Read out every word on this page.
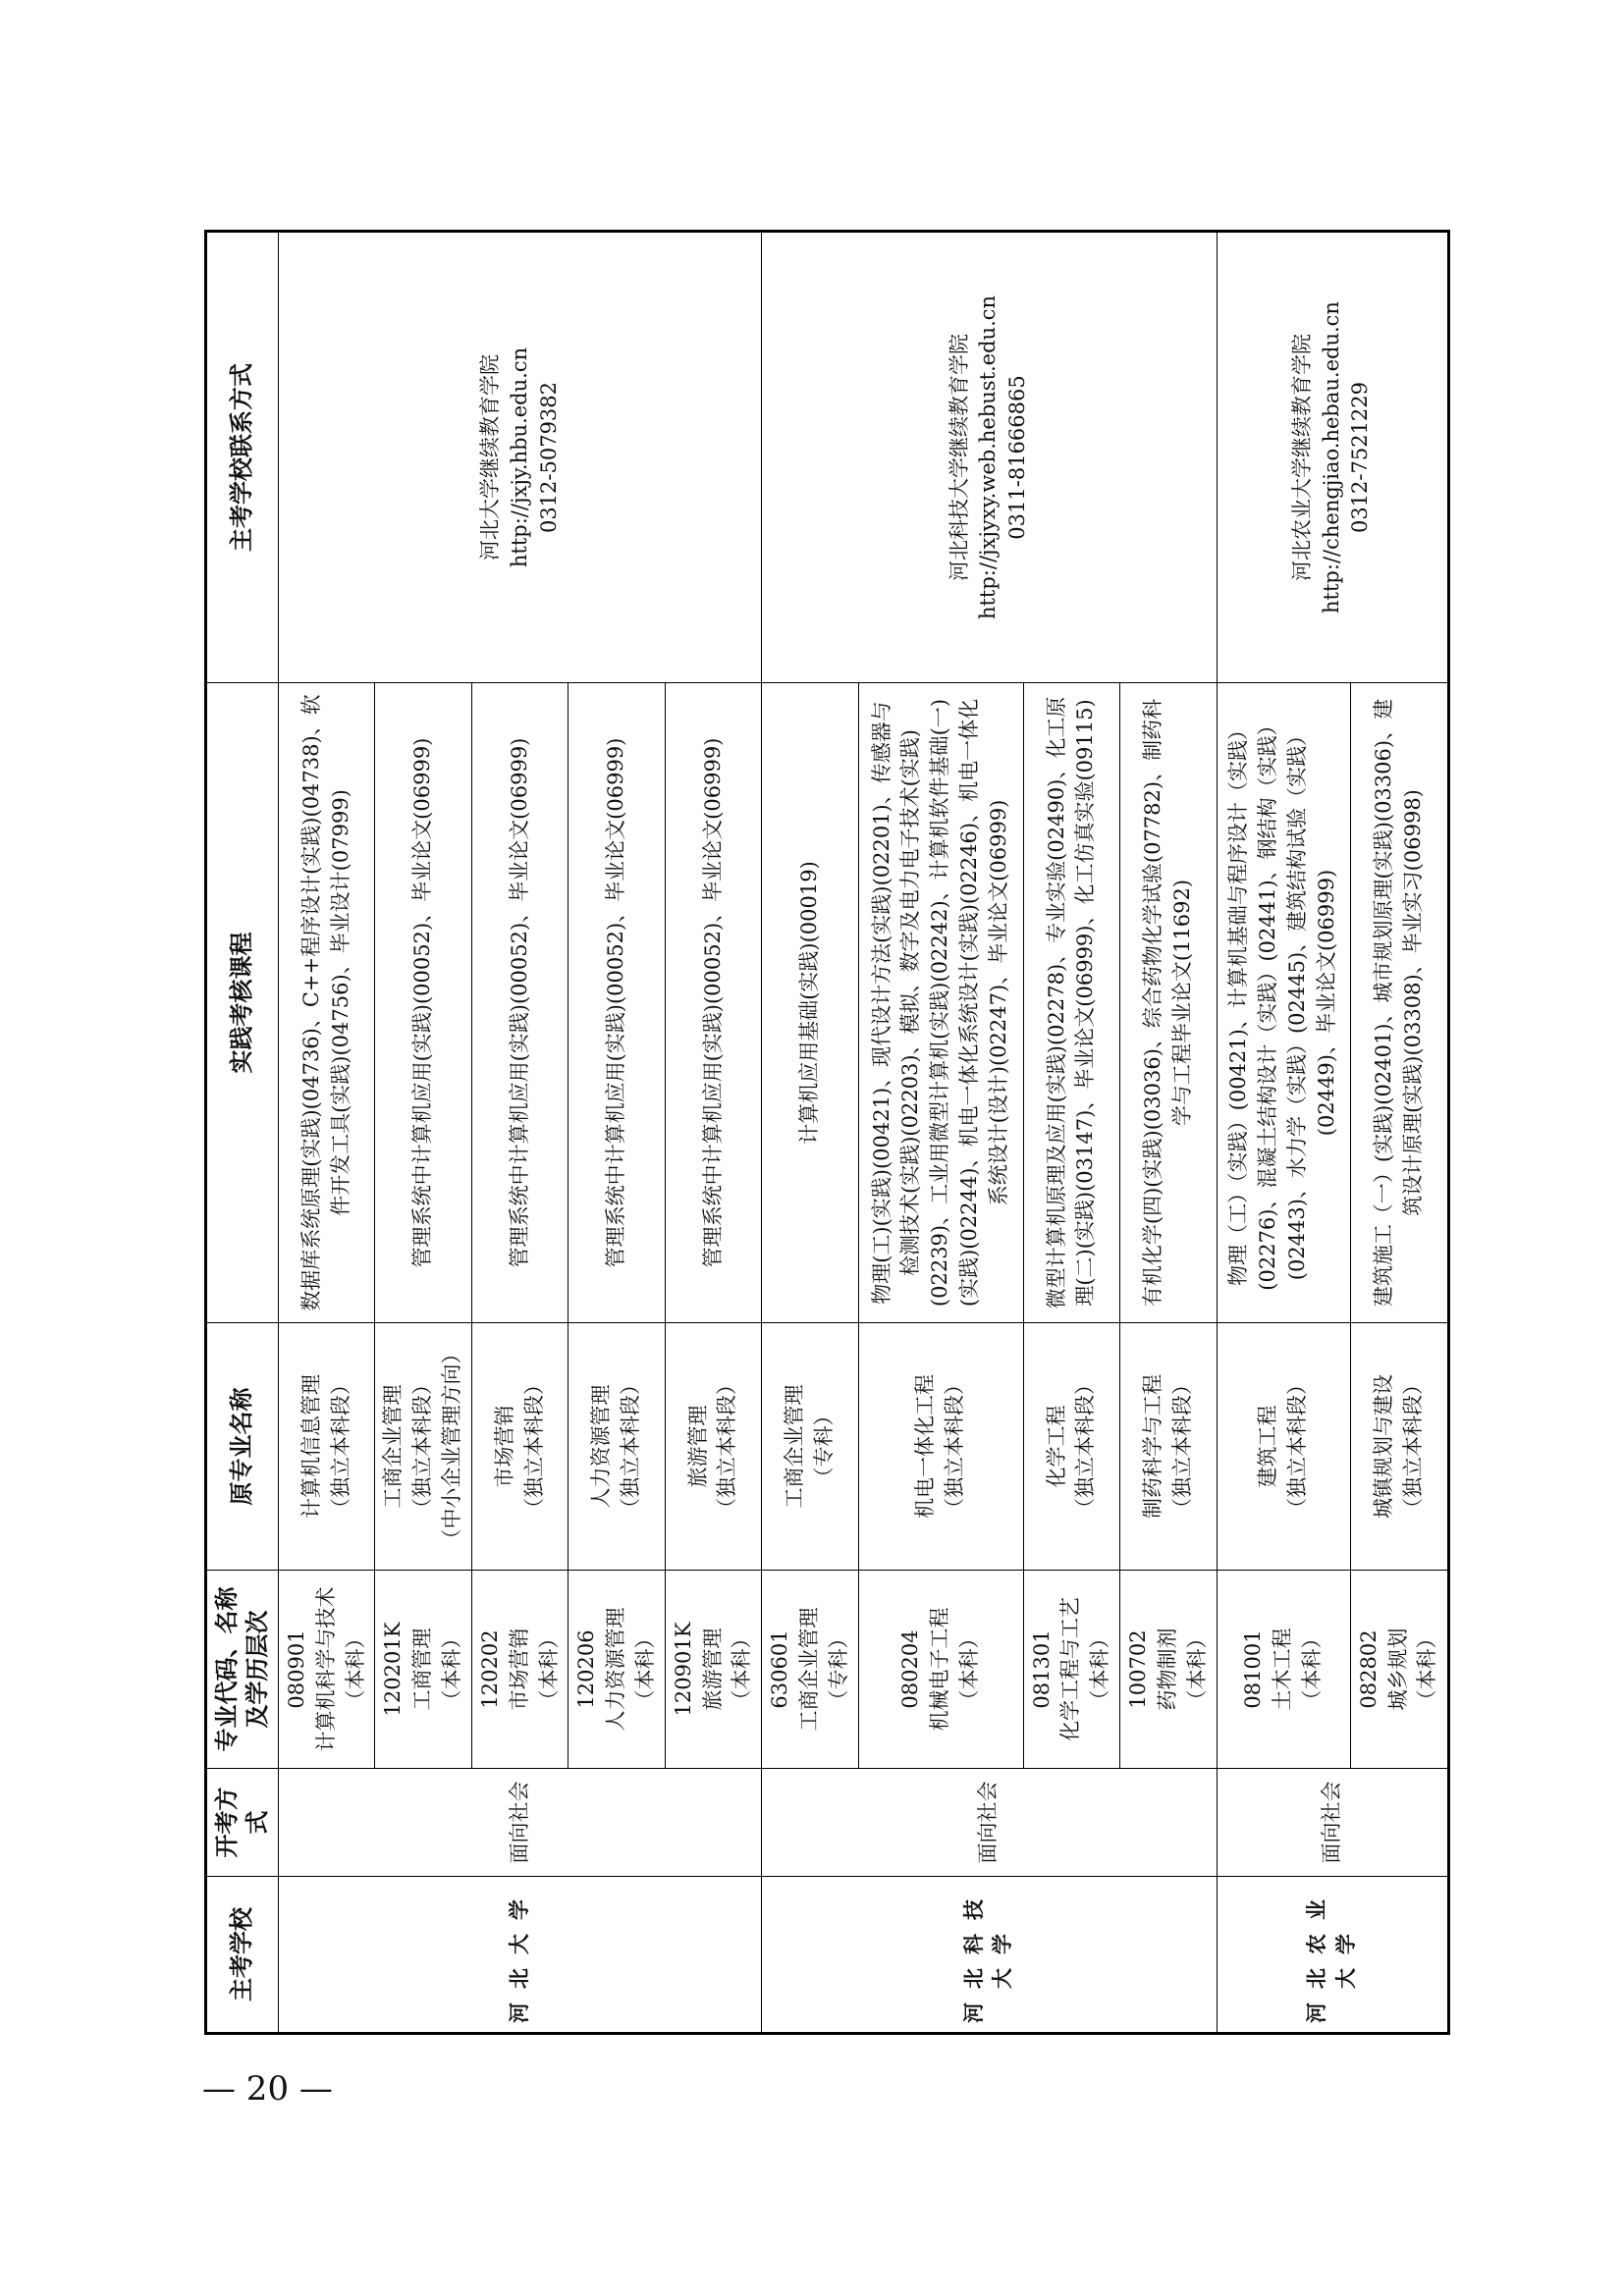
主考学校	开考方式	专业代码、名称及学历层次	原专业名称	实践考核课程	主考学校联系方式
河北大学	面向社会	080901 计算机科学与技术 （本科）	计算机信息管理 （独立本科段）	数据库系统原理(实践)(04736)、C++程序设计(实践)(04738)、软件开发工具(实践)(04756)、毕业设计(07999)	河北大学继续教育学院 http://jxjy.hbu.edu.cn 0312-5079382

		120201K 工商管理 （本科）	工商企业管理 （独立本科段） （中小企业管理方向）	管理系统中计算机应用(实践)(00052)、毕业论文(06999)	

		120202 市场营销 （本科）	市场营销 （独立本科段）	管理系统中计算机应用(实践)(00052)、毕业论文(06999)	

		120206 人力资源管理 （本科）	人力资源管理 （独立本科段）	管理系统中计算机应用(实践)(00052)、毕业论文(06999)	

		120901K 旅游管理 （本科）	旅游管理 （独立本科段）	管理系统中计算机应用(实践)(00052)、毕业论文(06999)	
河北科技大学	面向社会	630601 工商企业管理 （专科）	工商企业管理 （专科）	计算机应用基础(实践)(00019)	河北科技大学继续教育学院 http://jxjyxy.web.hebust.edu.cn 0311-81666865

		080204 机械电子工程 （本科）	机电一体化工程 （独立本科段）	物理(工)(实践)(00421)、现代设计方法(实践)(02201)、传感器与检测技术(实践)(02203)、模拟、数字及电力电子技术(实践)(02239)、工业用微型计算机(实践)(02242)、计算机软件基础(一)(实践)(02244)、机电一体化系统设计(实践)(02246)、机电一体化系统设计(设计)(02247)、毕业论文(06999)	

		081301 化学工程与工艺 （本科）	化学工程 （独立本科段）	微型计算机原理及应用(实践)(02278)、专业实验(02490)、化工原理(二)(实践)(03147)、毕业论文(06999)、化工仿真实验(09115)	

		100702 药物制剂 （本科）	制药科学与工程 （独立本科段）	有机化学(四)(实践)(03036)、综合药物化学试验(07782)、制药科学与工程毕业论文(11692)	
河北农业大学	面向社会	081001 土木工程 （本科）	建筑工程 （独立本科段）	物理（工）（实践）(00421)、计算机基础与程序设计（实践）(02276)、混凝土结构设计（实践）(02441)、钢结构（实践）(02443)、水力学（实践）(02445)、建筑结构试验（实践）(02449)、毕业论文(06999)	河北农业大学继续教育学院 http://chengjiao.hebau.edu.cn 0312-7521229

		082802 城乡规划 （本科）	城镇规划与建设 （独立本科段）	建筑施工（一）(实践)(02401)、城市规划原理(实践)(03306)、建筑设计原理(实践)(03308)、毕业实习(06998)	
— 20 —
